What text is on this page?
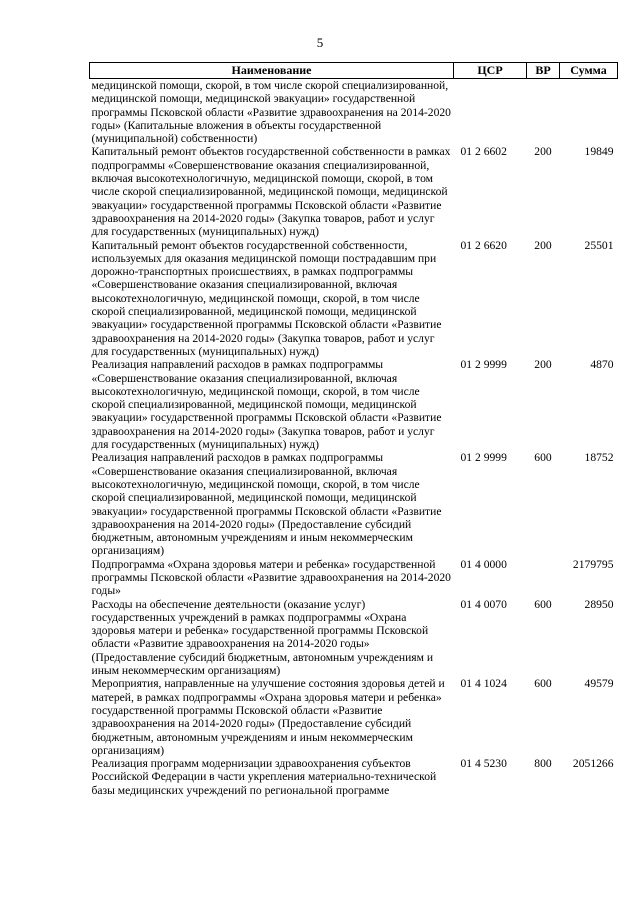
5
Наименование	ЦСР	ВР	Сумма
медицинской помощи, скорой, в том числе скорой специализированной, медицинской помощи, медицинской эвакуации» государственной программы Псковской области «Развитие здравоохранения на 2014-2020 годы» (Капитальные вложения в объекты государственной (муниципальной) собственности)			
Капитальный ремонт объектов государственной собственности в рамках подпрограммы «Совершенствование оказания специализированной, включая высокотехнологичную, медицинской помощи, скорой, в том числе скорой специализированной, медицинской помощи, медицинской эвакуации» государственной программы Псковской области «Развитие здравоохранения на 2014-2020 годы» (Закупка товаров, работ и услуг для государственных (муниципальных) нужд)	01 2 6602	200	19849
Капитальный ремонт объектов государственной собственности, используемых для оказания медицинской помощи пострадавшим при дорожно-транспортных происшествиях, в рамках подпрограммы «Совершенствование оказания специализированной, включая высокотехнологичную, медицинской помощи, скорой, в том числе скорой специализированной, медицинской помощи, медицинской эвакуации» государственной программы Псковской области «Развитие здравоохранения на 2014-2020 годы» (Закупка товаров, работ и услуг для государственных (муниципальных) нужд)	01 2 6620	200	25501
Реализация направлений расходов в рамках подпрограммы «Совершенствование оказания специализированной, включая высокотехнологичную, медицинской помощи, скорой, в том числе скорой специализированной, медицинской помощи, медицинской эвакуации» государственной программы Псковской области «Развитие здравоохранения на 2014-2020 годы» (Закупка товаров, работ и услуг для государственных (муниципальных) нужд)	01 2 9999	200	4870
Реализация направлений расходов в рамках подпрограммы «Совершенствование оказания специализированной, включая высокотехнологичную, медицинской помощи, скорой, в том числе скорой специализированной, медицинской помощи, медицинской эвакуации» государственной программы Псковской области «Развитие здравоохранения на 2014-2020 годы» (Предоставление субсидий бюджетным, автономным учреждениям и иным некоммерческим организациям)	01 2 9999	600	18752
Подпрограмма «Охрана здоровья матери и ребенка» государственной программы Псковской области «Развитие здравоохранения на 2014-2020 годы»	01 4 0000		2179795
Расходы на обеспечение деятельности (оказание услуг) государственных учреждений в рамках подпрограммы «Охрана здоровья матери и ребенка» государственной программы Псковской области «Развитие здравоохранения на 2014-2020 годы» (Предоставление субсидий бюджетным, автономным учреждениям и иным некоммерческим организациям)	01 4 0070	600	28950
Мероприятия, направленные на улучшение состояния здоровья детей и матерей, в рамках подпрограммы «Охрана здоровья матери и ребенка» государственной программы Псковской области «Развитие здравоохранения на 2014-2020 годы» (Предоставление субсидий бюджетным, автономным учреждениям и иным некоммерческим организациям)	01 4 1024	600	49579
Реализация программ модернизации здравоохранения субъектов Российской Федерации в части укрепления материально-технической базы медицинских учреждений по региональной программе	01 4 5230	800	2051266
